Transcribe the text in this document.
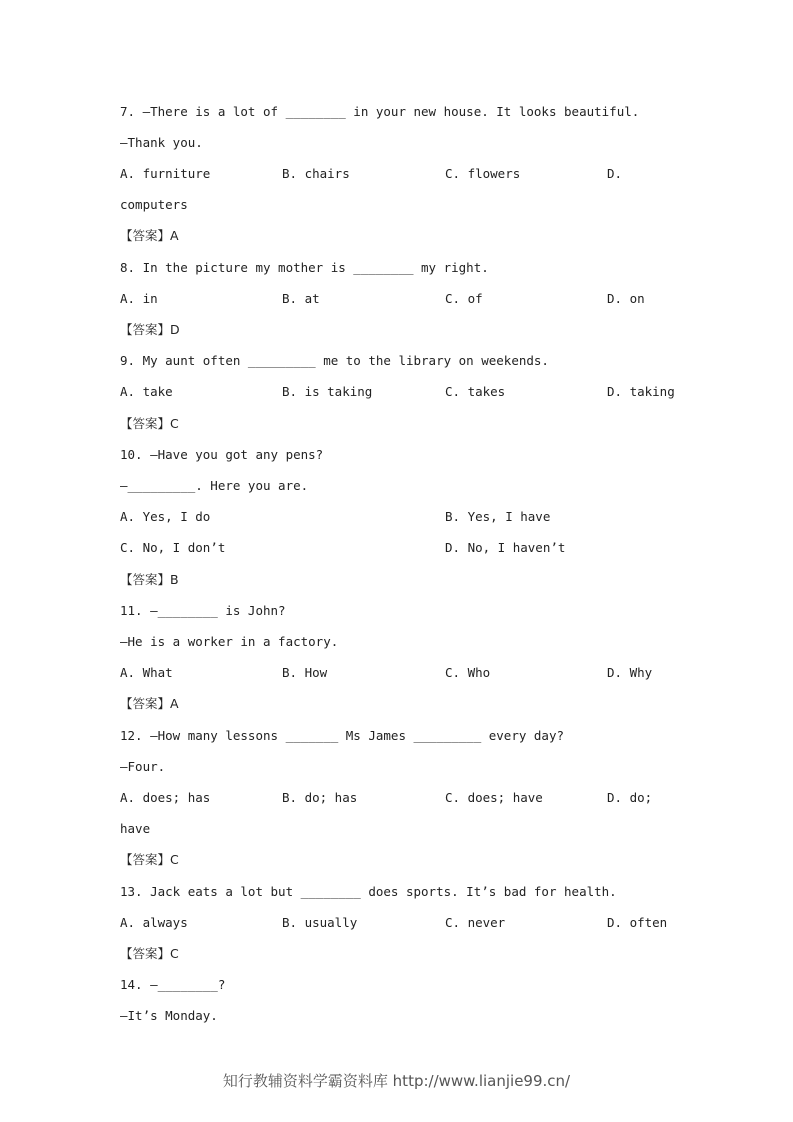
7. —There is a lot of ________ in your new house. It looks beautiful.
—Thank you.

A. furniture

	B. chairs

	C. flowers

	D.

computers
【答案】A
8. In the picture my mother is ________ my right.

A. in

	B. at

	C. of

	D. on

【答案】D
9. My aunt often _________ me to the library on weekends.

A. take

	B. is taking

	C. takes

	D. taking

【答案】C
10. —Have you got any pens?
—_________. Here you are.

A. Yes, I do

	B. Yes, I have

C. No, I don’t

	D. No, I haven’t

【答案】B
11. —________ is John?
—He is a worker in a factory.

A. What

	B. How

	C. Who

	D. Why

【答案】A
12. —How many lessons _______ Ms James _________ every day?
—Four.

A. does; has

	B. do; has

	C. does; have

	D. do;

have
【答案】C
13. Jack eats a lot but ________ does sports. It’s bad for health.

A. always

	B. usually

	C. never

	D. often

【答案】C
14. —________?
—It’s Monday.
知行教辅资料学霸资料库 http://www.lianjie99.cn/
